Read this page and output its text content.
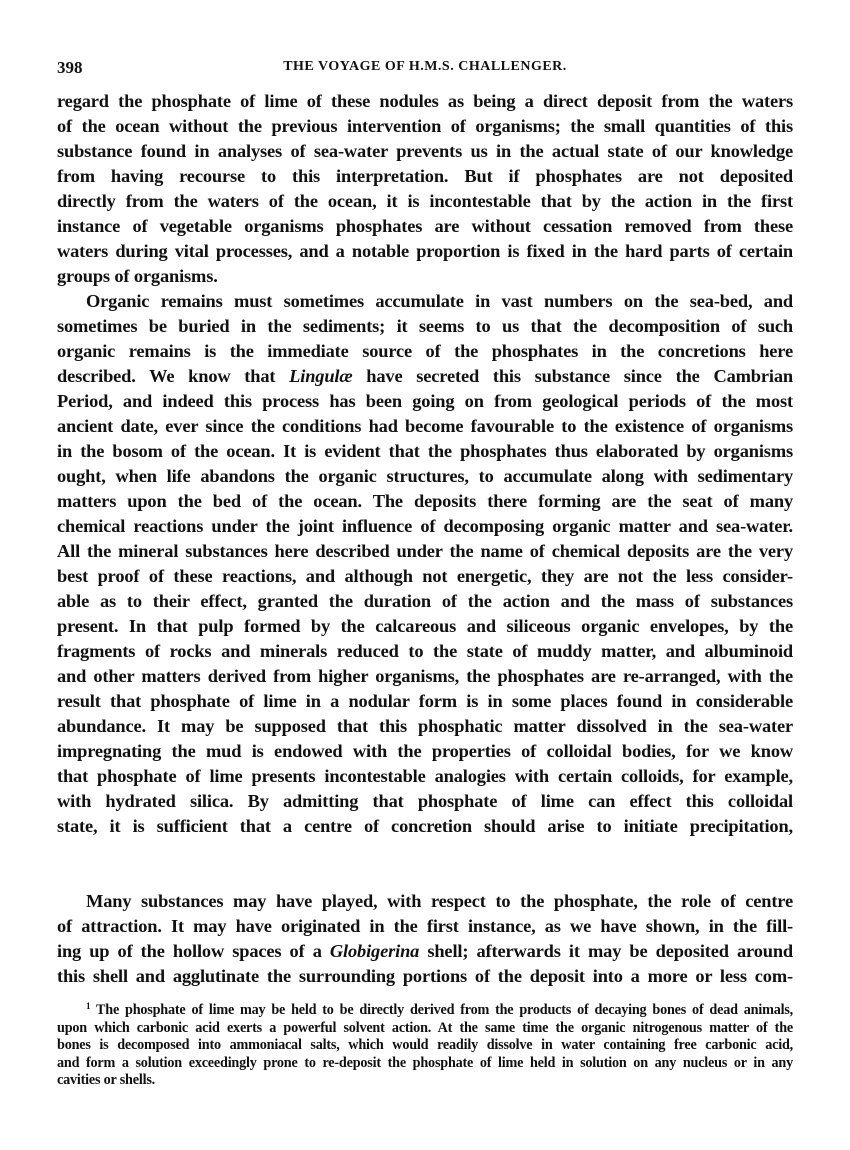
398	THE VOYAGE OF H.M.S. CHALLENGER.
regard the phosphate of lime of these nodules as being a direct deposit from the waters
of the ocean without the previous intervention of organisms; the small quantities of this
substance found in analyses of sea-water prevents us in the actual state of our knowledge
from having recourse to this interpretation. But if phosphates are not deposited
directly from the waters of the ocean, it is incontestable that by the action in the first
instance of vegetable organisms phosphates are without cessation removed from these
waters during vital processes, and a notable proportion is fixed in the hard parts of certain
groups of organisms.
Organic remains must sometimes accumulate in vast numbers on the sea-bed, and
sometimes be buried in the sediments; it seems to us that the decomposition of such
organic remains is the immediate source of the phosphates in the concretions here
described. We know that Lingulæ have secreted this substance since the Cambrian
Period, and indeed this process has been going on from geological periods of the most
ancient date, ever since the conditions had become favourable to the existence of organisms
in the bosom of the ocean. It is evident that the phosphates thus elaborated by organisms
ought, when life abandons the organic structures, to accumulate along with sedimentary
matters upon the bed of the ocean. The deposits there forming are the seat of many
chemical reactions under the joint influence of decomposing organic matter and sea-water.
All the mineral substances here described under the name of chemical deposits are the very
best proof of these reactions, and although not energetic, they are not the less consider-
able as to their effect, granted the duration of the action and the mass of substances
present. In that pulp formed by the calcareous and siliceous organic envelopes, by the
fragments of rocks and minerals reduced to the state of muddy matter, and albuminoid
and other matters derived from higher organisms, the phosphates are re-arranged, with the
result that phosphate of lime in a nodular form is in some places found in considerable
abundance. It may be supposed that this phosphatic matter dissolved in the sea-water
impregnating the mud is endowed with the properties of colloidal bodies, for we know
that phosphate of lime presents incontestable analogies with certain colloids, for example,
with hydrated silica. By admitting that phosphate of lime can effect this colloidal
state, it is sufficient that a centre of concretion should arise to initiate precipitation,
Many substances may have played, with respect to the phosphate, the role of centre
of attraction. It may have originated in the first instance, as we have shown, in the fill-
ing up of the hollow spaces of a Globigerina shell; afterwards it may be deposited around
this shell and agglutinate the surrounding portions of the deposit into a more or less com-
$^1$ The phosphate of lime may be held to be directly derived from the products of decaying bones of dead animals,
upon which carbonic acid exerts a powerful solvent action. At the same time the organic nitrogenous matter of the
bones is decomposed into ammoniacal salts, which would readily dissolve in water containing free carbonic acid,
and form a solution exceedingly prone to re-deposit the phosphate of lime held in solution on any nucleus or in any
cavities or shells.
